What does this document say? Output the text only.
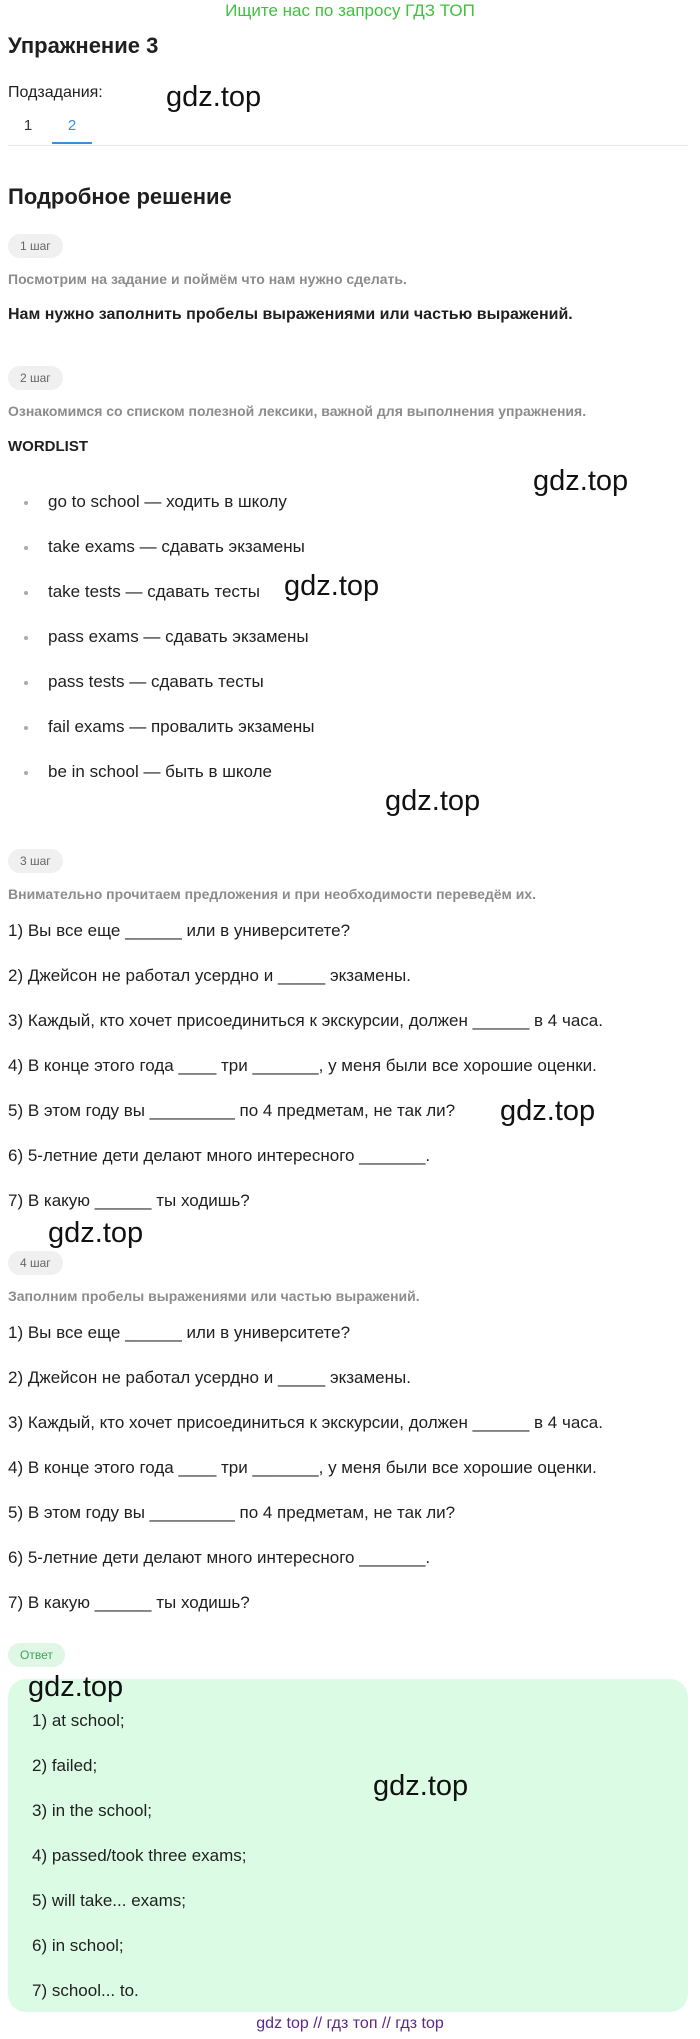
Ищите нас по запросу ГДЗ ТОП
Упражнение 3
Подзадания:
1	2
Подробное решение
1 шаг
Посмотрим на задание и поймём что нам нужно сделать.
Нам нужно заполнить пробелы выражениями или частью выражений.
2 шаг
Ознакомимся со списком полезной лексики, важной для выполнения упражнения.
WORDLIST
go to school — ходить в школу
take exams — сдавать экзамены
take tests — сдавать тесты
pass exams — сдавать экзамены
pass tests — сдавать тесты
fail exams — провалить экзамены
be in school — быть в школе
3 шаг
Внимательно прочитаем предложения и при необходимости переведём их.
1) Вы все еще ______ или в университете?
2) Джейсон не работал усердно и _____ экзамены.
3) Каждый, кто хочет присоединиться к экскурсии, должен ______ в 4 часа.
4) В конце этого года ____ три _______, у меня были все хорошие оценки.
5) В этом году вы _________ по 4 предметам, не так ли?
6) 5-летние дети делают много интересного _______.
7) В какую ______ ты ходишь?
4 шаг
Заполним пробелы выражениями или частью выражений.
1) Вы все еще ______ или в университете?
2) Джейсон не работал усердно и _____ экзамены.
3) Каждый, кто хочет присоединиться к экскурсии, должен ______ в 4 часа.
4) В конце этого года ____ три _______, у меня были все хорошие оценки.
5) В этом году вы _________ по 4 предметам, не так ли?
6) 5-летние дети делают много интересного _______.
7) В какую ______ ты ходишь?
Ответ
1) at school;
2) failed;
3) in the school;
4) passed/took three exams;
5) will take... exams;
6) in school;
7) school... to.
gdz.top
gdz.top
gdz.top
gdz.top
gdz.top
gdz.top
gdz.top
gdz.top
gdz top // гдз топ // гдз top
